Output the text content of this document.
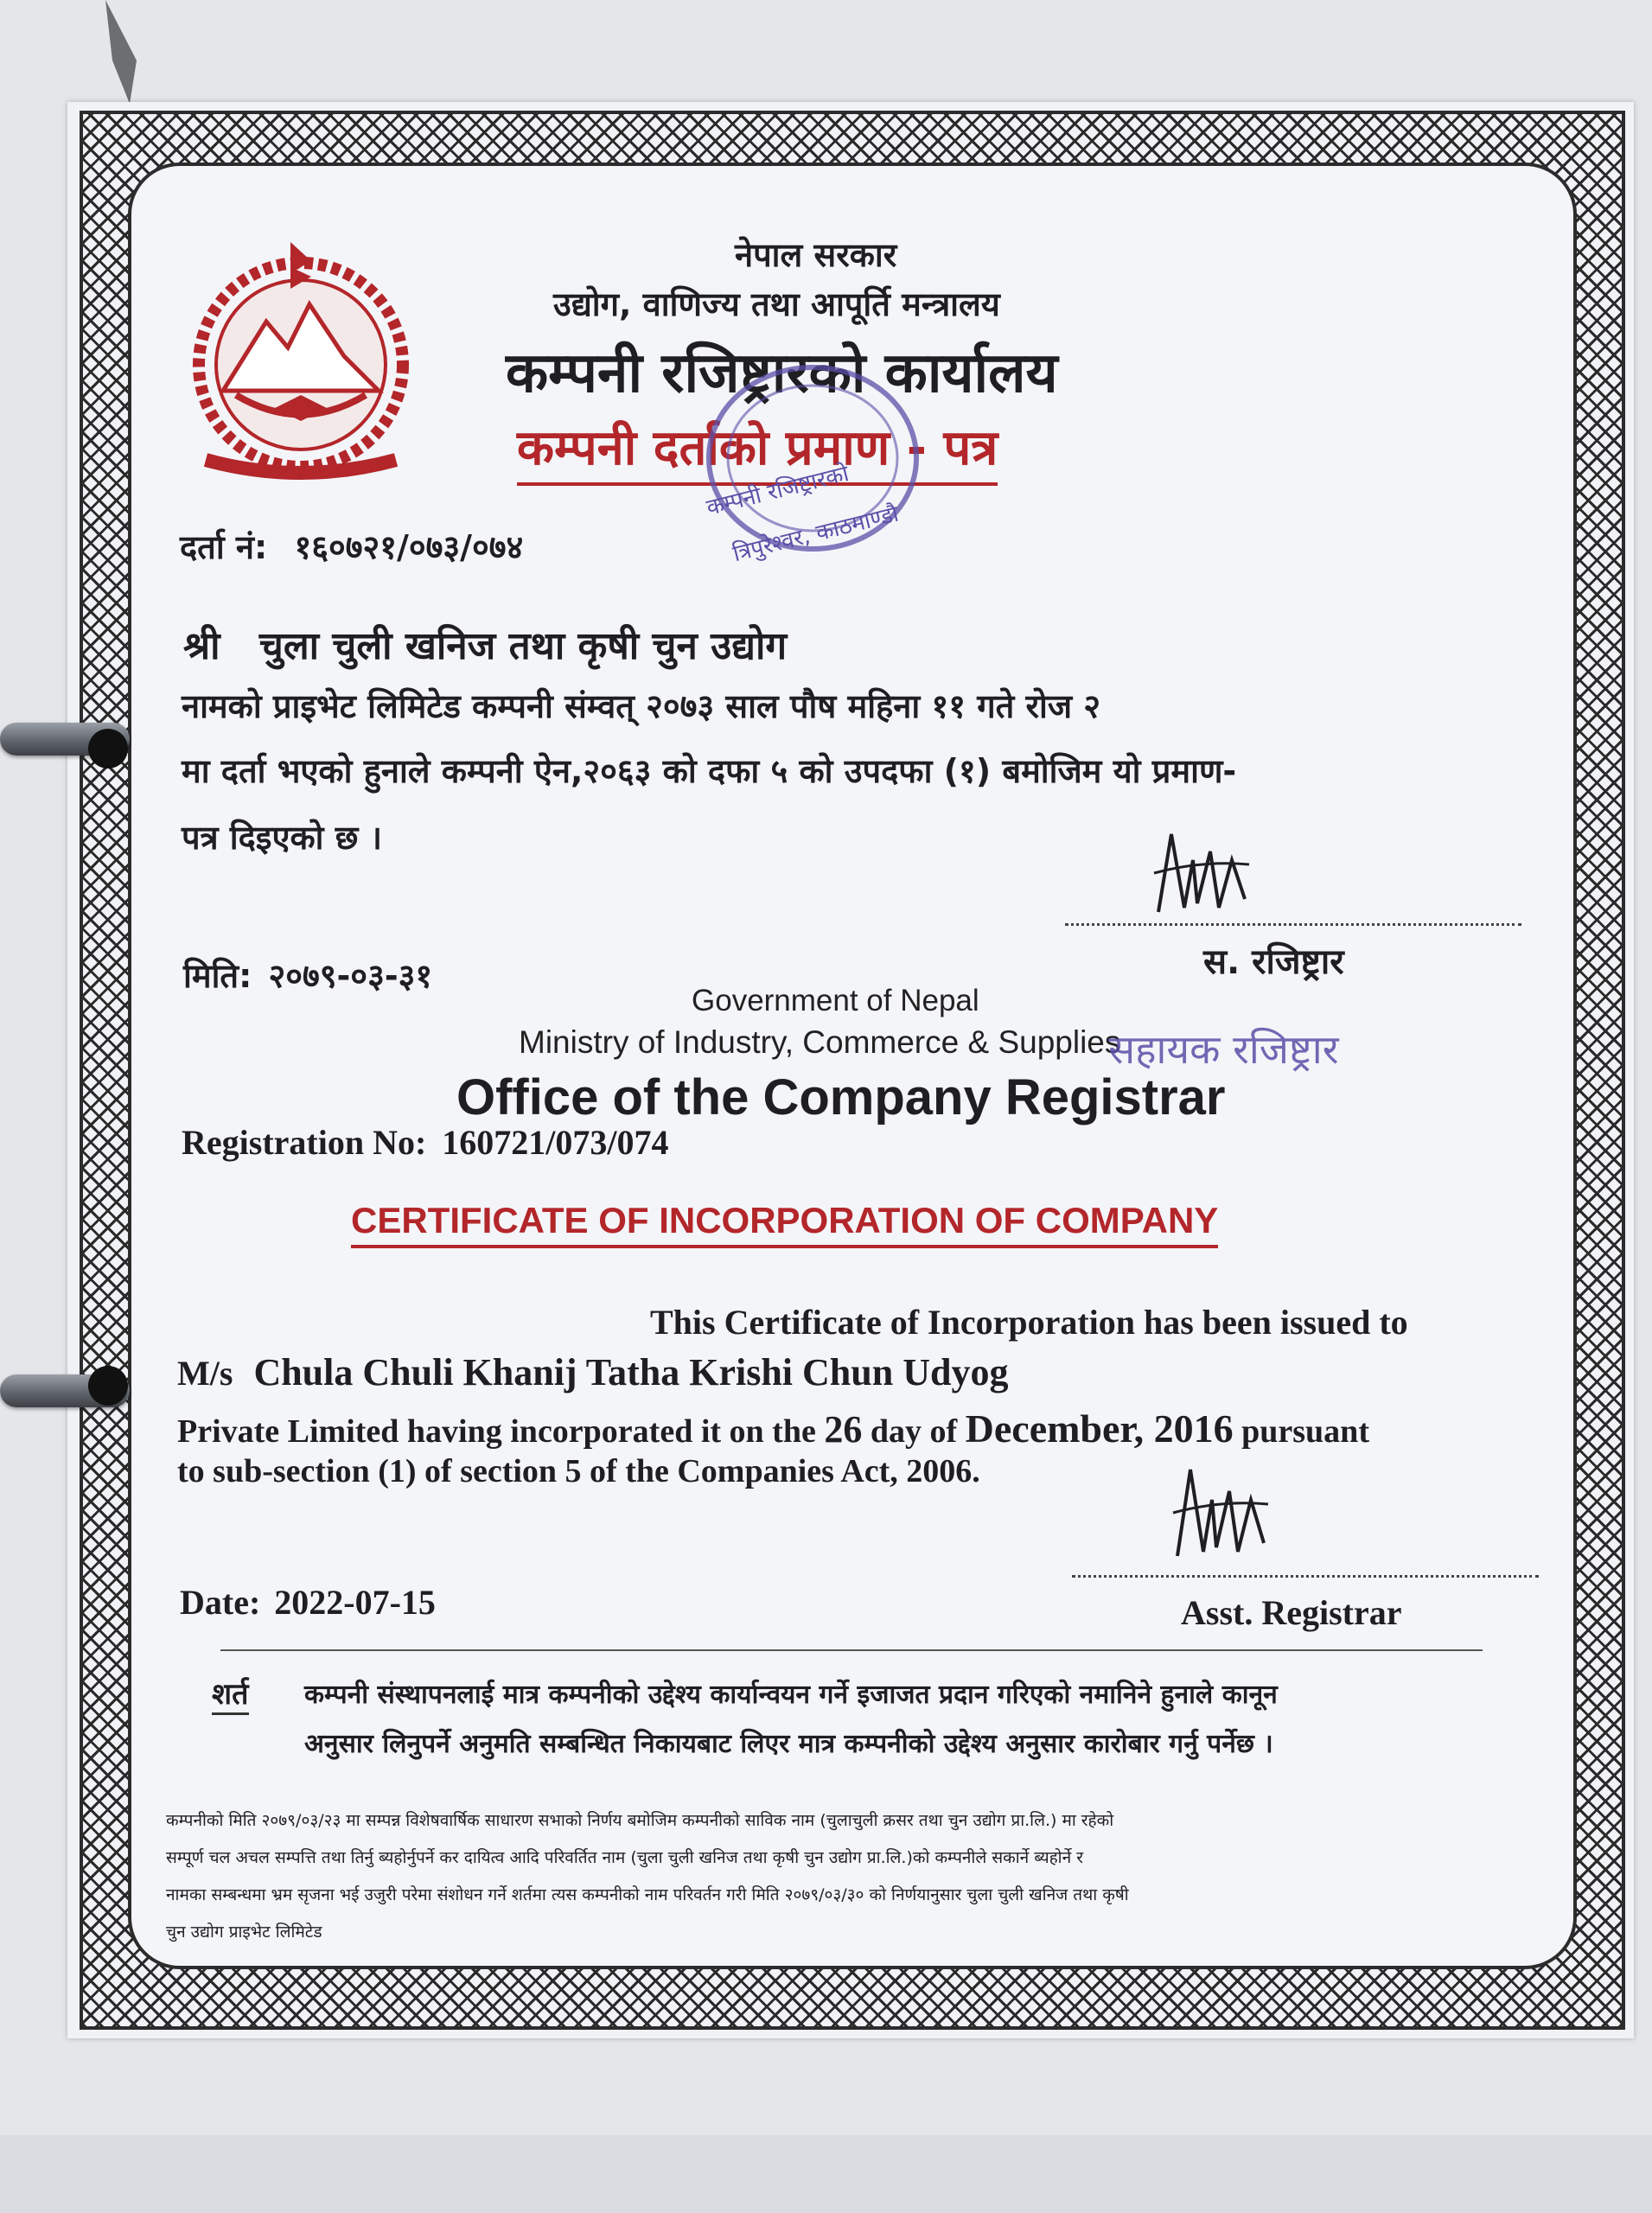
नेपाल सरकार
उद्योग, वाणिज्य तथा आपूर्ति मन्त्रालय
कम्पनी रजिष्ट्रारको कार्यालय
कम्पनी दर्ताको प्रमाण - पत्र
कम्पनी रजिष्ट्रारको
त्रिपुरेश्वर, काठमाण्डौ
दर्ता नं: १६०७२१/०७३/०७४
श्री चुला चुली खनिज तथा कृषी चुन उद्योग
नामको प्राइभेट लिमिटेड कम्पनी संम्वत् २०७३ साल पौष महिना ११ गते रोज २
मा दर्ता भएको हुनाले कम्पनी ऐन,२०६३ को दफा ५ को उपदफा (१) बमोजिम यो प्रमाण-
पत्र दिइएको छ ।
मिति: २०७९-०३-३१	स. रजिष्ट्रार
Government of Nepal
Ministry of Industry, Commerce & Supplies
सहायक रजिष्ट्रार
Office of the Company Registrar
Registration No: 160721/073/074
CERTIFICATE OF INCORPORATION OF COMPANY
This Certificate of Incorporation has been issued to
M/s Chula Chuli Khanij Tatha Krishi Chun Udyog
Private Limited having incorporated it on the 26 day of December, 2016 pursuant
to sub-section (1) of section 5 of the Companies Act, 2006.
Date: 2022-07-15	Asst. Registrar
शर्त कम्पनी संस्थापनलाई मात्र कम्पनीको उद्देश्य कार्यान्वयन गर्ने इजाजत प्रदान गरिएको नमानिने हुनाले कानून
अनुसार लिनुपर्ने अनुमति सम्बन्धित निकायबाट लिएर मात्र कम्पनीको उद्देश्य अनुसार कारोबार गर्नु पर्नेछ ।
कम्पनीको मिति २०७९/०३/२३ मा सम्पन्न विशेषवार्षिक साधारण सभाको निर्णय बमोजिम कम्पनीको साविक नाम (चुलाचुली क्रसर तथा चुन उद्योग प्रा.लि.) मा रहेको
सम्पूर्ण चल अचल सम्पत्ति तथा तिर्नु ब्यहोर्नुपर्ने कर दायित्व आदि परिवर्तित नाम (चुला चुली खनिज तथा कृषी चुन उद्योग प्रा.लि.)को कम्पनीले सकार्ने ब्यहोर्ने र
नामका सम्बन्धमा भ्रम सृजना भई उजुरी परेमा संशोधन गर्ने शर्तमा त्यस कम्पनीको नाम परिवर्तन गरी मिति २०७९/०३/३० को निर्णयानुसार चुला चुली खनिज तथा कृषी
चुन उद्योग प्राइभेट लिमिटेड
